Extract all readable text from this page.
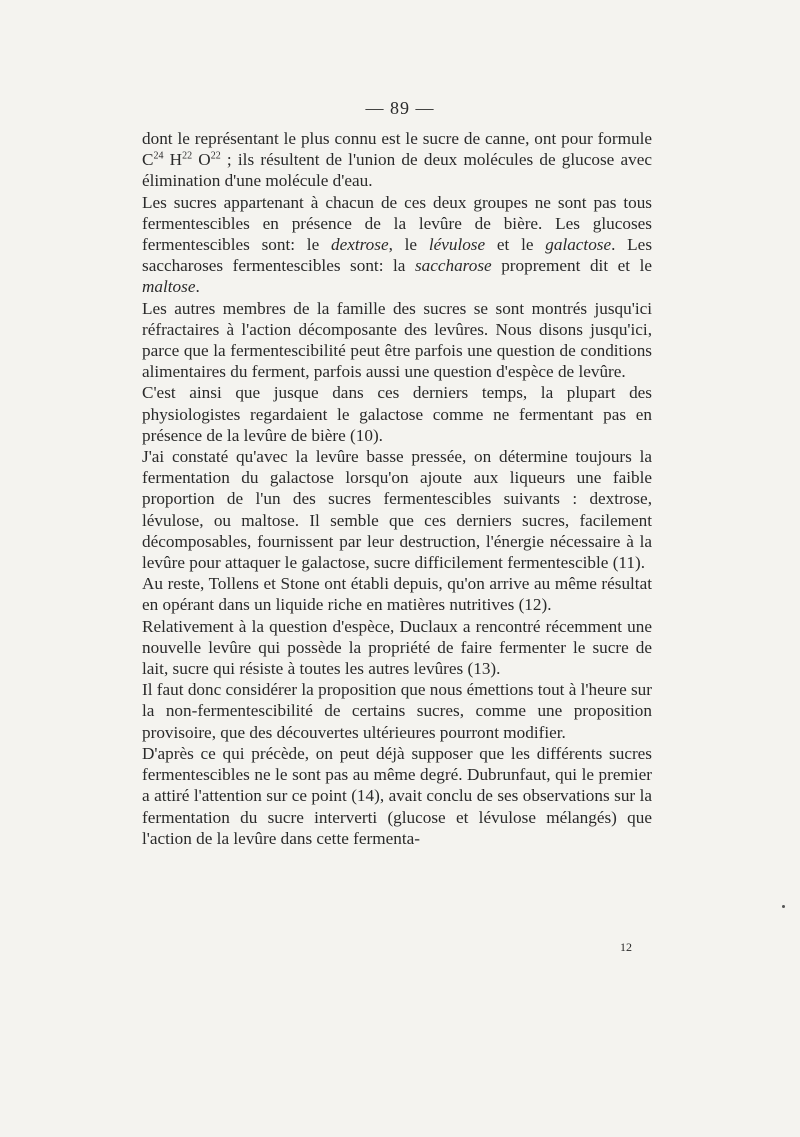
— 89 —

dont le représentant le plus connu est le sucre de canne, ont pour formule $C^{24}$ $H^{22}$ $O^{22}$ ; ils résultent de l'union de deux molécules de glucose avec élimination d'une molécule d'eau.

Les sucres appartenant à chacun de ces deux groupes ne sont pas tous fermentescibles en présence de la levûre de bière. Les glucoses fermentescibles sont: le dextrose, le lévulose et le galactose. Les saccharoses fermentescibles sont: la saccharose proprement dit et le maltose.

Les autres membres de la famille des sucres se sont montrés jusqu'ici réfractaires à l'action décomposante des levûres. Nous disons jusqu'ici, parce que la fermentescibilité peut être parfois une question de conditions alimentaires du ferment, parfois aussi une question d'espèce de levûre.

C'est ainsi que jusque dans ces derniers temps, la plupart des physiologistes regardaient le galactose comme ne fermentant pas en présence de la levûre de bière (10).

J'ai constaté qu'avec la levûre basse pressée, on détermine toujours la fermentation du galactose lorsqu'on ajoute aux liqueurs une faible proportion de l'un des sucres fermentescibles suivants : dextrose, lévulose, ou maltose. Il semble que ces derniers sucres, facilement décomposables, fournissent par leur destruction, l'énergie nécessaire à la levûre pour attaquer le galactose, sucre difficilement fermentescible (11).

Au reste, Tollens et Stone ont établi depuis, qu'on arrive au même résultat en opérant dans un liquide riche en matières nutritives (12).

Relativement à la question d'espèce, Duclaux a rencontré récemment une nouvelle levûre qui possède la propriété de faire fermenter le sucre de lait, sucre qui résiste à toutes les autres levûres (13).

Il faut donc considérer la proposition que nous émettions tout à l'heure sur la non-fermentescibilité de certains sucres, comme une proposition provisoire, que des découvertes ultérieures pourront modifier.

D'après ce qui précède, on peut déjà supposer que les différents sucres fermentescibles ne le sont pas au même degré. Dubrunfaut, qui le premier a attiré l'attention sur ce point (14), avait conclu de ses observations sur la fermentation du sucre interverti (glucose et lévulose mélangés) que l'action de la levûre dans cette fermenta-

12
